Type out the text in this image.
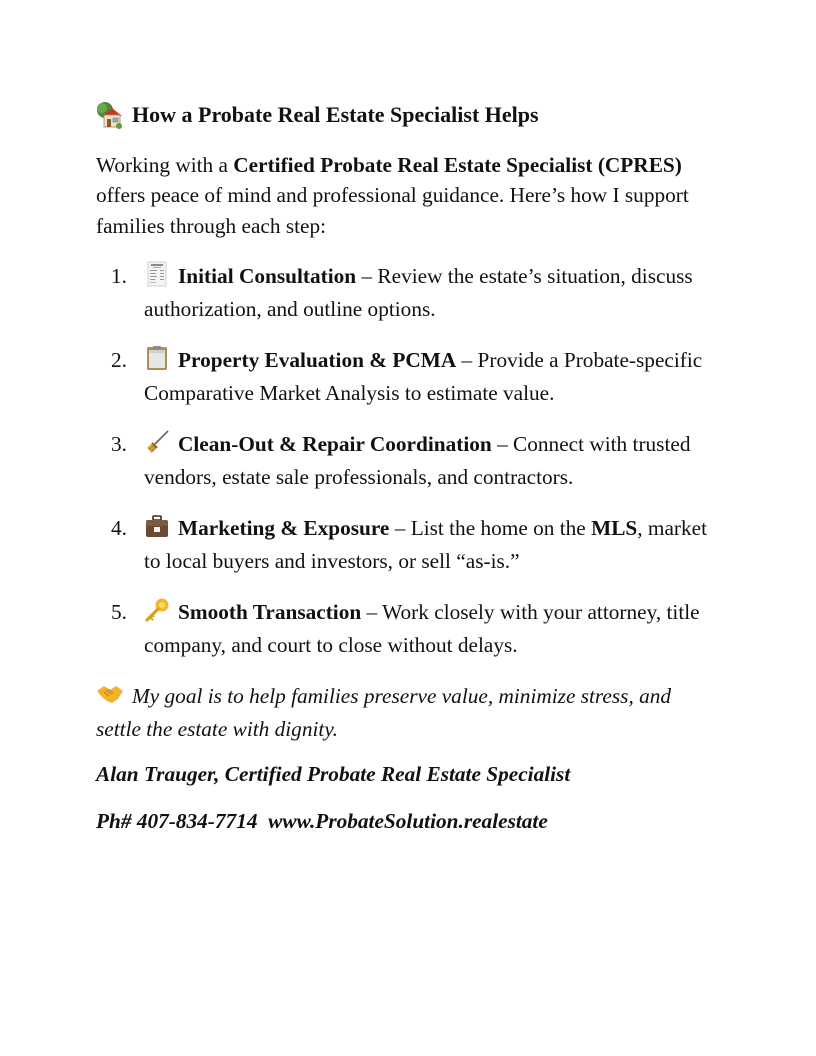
How a Probate Real Estate Specialist Helps

Working with a Certified Probate Real Estate Specialist (CPRES) offers peace of mind and professional guidance. Here’s how I support families through each step:

1. Initial Consultation – Review the estate’s situation, discuss authorization, and outline options.
2. Property Evaluation & PCMA – Provide a Probate-specific Comparative Market Analysis to estimate value.
3. Clean-Out & Repair Coordination – Connect with trusted vendors, estate sale professionals, and contractors.
4. Marketing & Exposure – List the home on the MLS, market to local buyers and investors, or sell “as-is.”
5. Smooth Transaction – Work closely with your attorney, title company, and court to close without delays.

My goal is to help families preserve value, minimize stress, and settle the estate with dignity.

Alan Trauger, Certified Probate Real Estate Specialist

Ph# 407-834-7714 www.ProbateSolution.realestate
